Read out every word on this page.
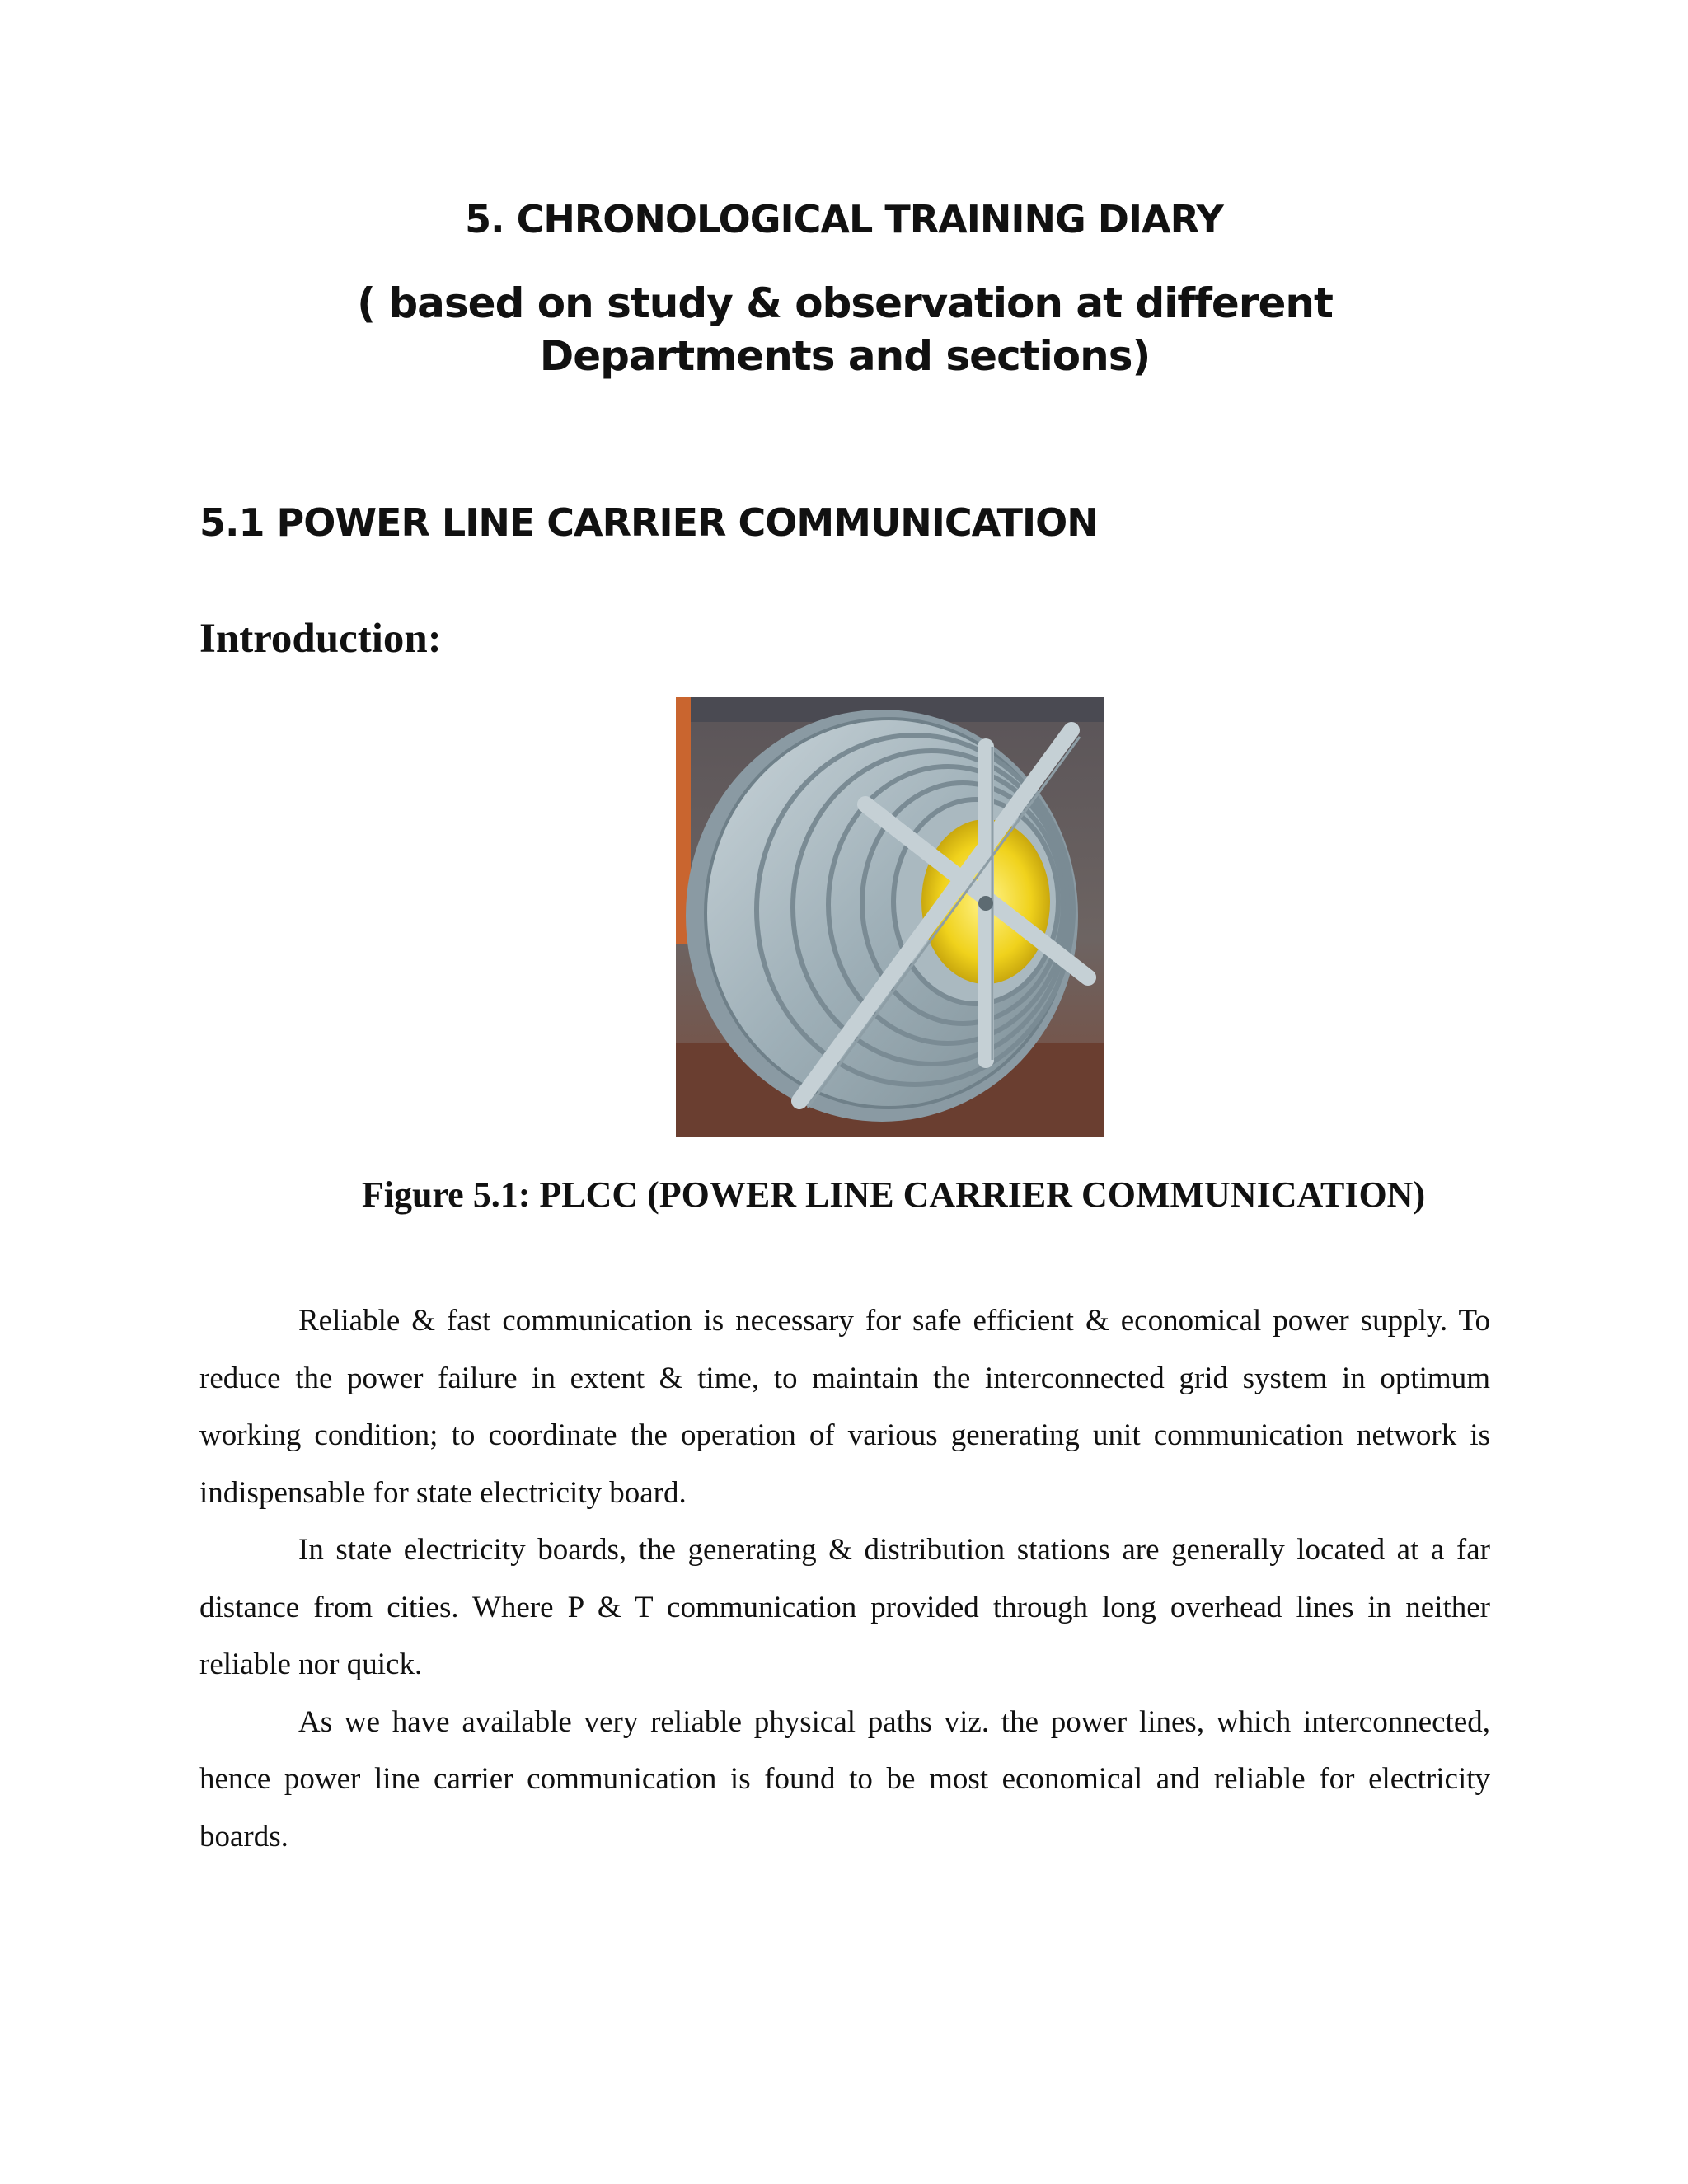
5. CHRONOLOGICAL TRAINING DIARY
( based on study & observation at different Departments and sections)
5.1 POWER LINE CARRIER COMMUNICATION
Introduction:

Figure 5.1: PLCC (POWER LINE CARRIER COMMUNICATION)

Reliable & fast communication is necessary for safe efficient & economical power supply. To reduce the power failure in extent & time, to maintain the interconnected grid system in optimum working condition; to coordinate the operation of various generating unit communication network is indispensable for state electricity board.

In state electricity boards, the generating & distribution stations are generally located at a far distance from cities. Where P & T communication provided through long overhead lines in neither reliable nor quick.

As we have available very reliable physical paths viz. the power lines, which interconnected, hence power line carrier communication is found to be most economical and reliable for electricity boards.
